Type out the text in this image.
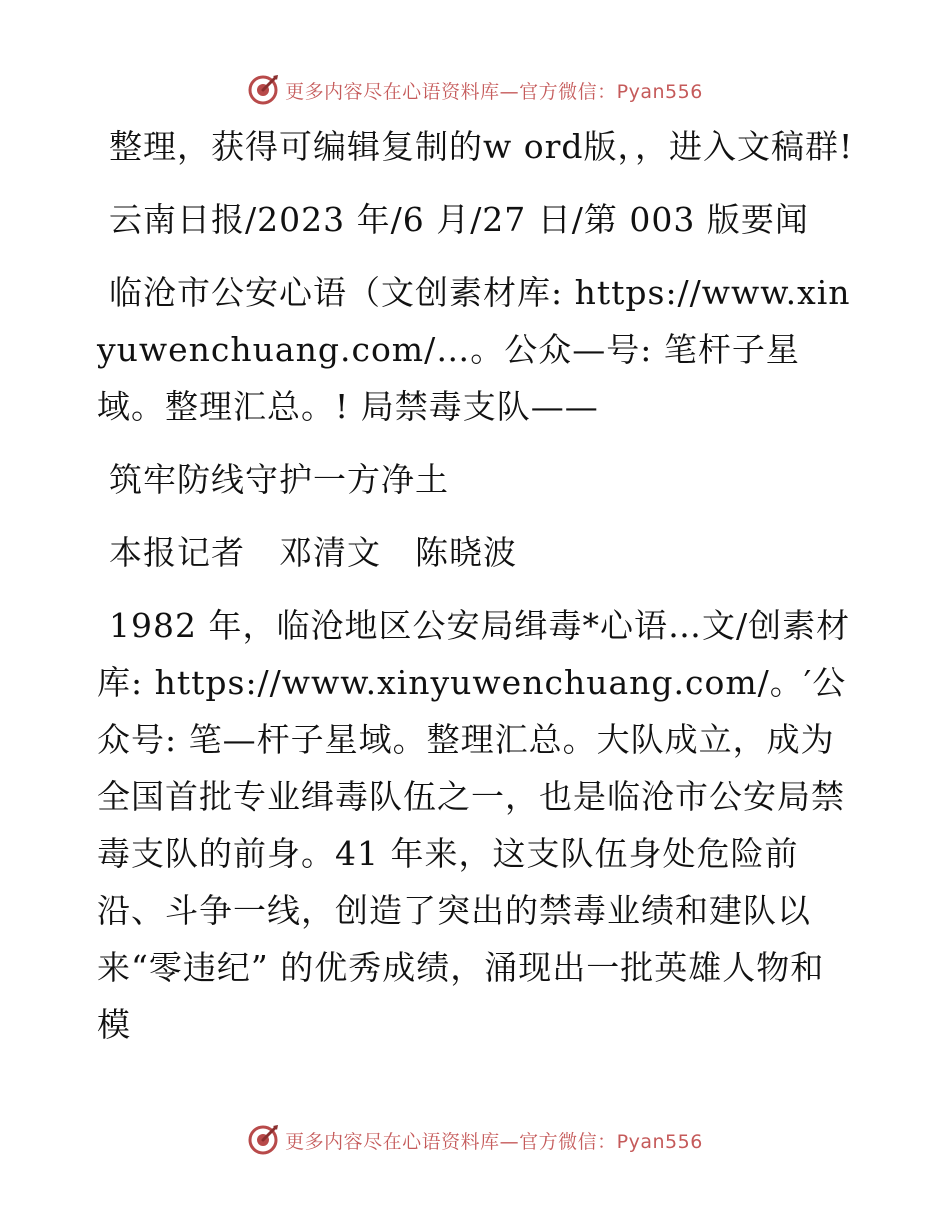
更多内容尽在心语资料库—官方微信：Pyan556

整理，获得可编辑复制的w ord版，，进入文稿群!

云南日报/2023 年/6 月/27 日/第 003 版要闻

临沧市公安心语（文创素材库: https://www.xinyuwenchuang.com/…。公众—号: 笔杆子星域。整理汇总。! 局禁毒支队——

筑牢防线守护一方净土

本报记者　邓清文　陈晓波

1982 年，临沧地区公安局缉毒*心语…文/创素材库: https://www.xinyuwenchuang.com/。′公众号: 笔—杆子星域。整理汇总。大队成立，成为全国首批专业缉毒队伍之一，也是临沧市公安局禁毒支队的前身。41 年来，这支队伍身处危险前沿、斗争一线，创造了突出的禁毒业绩和建队以来“零违纪” 的优秀成绩，涌现出一批英雄人物和模

更多内容尽在心语资料库—官方微信：Pyan556
